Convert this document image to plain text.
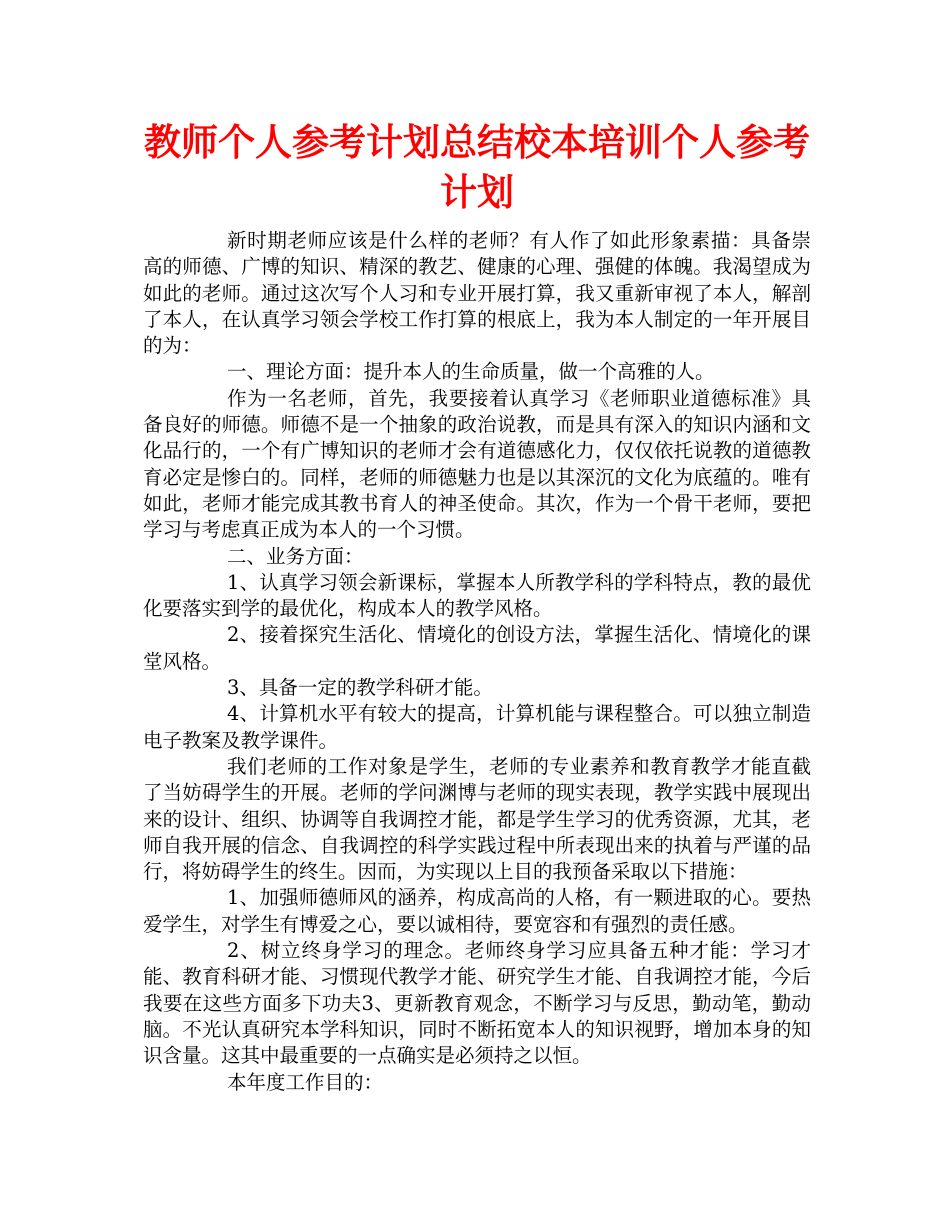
教师个人参考计划总结校本培训个人参考计划

新时期老师应该是什么样的老师？有人作了如此形象素描：具备崇高的师德、广博的知识、精深的教艺、健康的心理、强健的体魄。我渴望成为如此的老师。通过这次写个人习和专业开展打算，我又重新审视了本人，解剖了本人，在认真学习领会学校工作打算的根底上，我为本人制定的一年开展目的为：

一、理论方面：提升本人的生命质量，做一个高雅的人。

作为一名老师，首先，我要接着认真学习《老师职业道德标准》具备良好的师德。师德不是一个抽象的政治说教，而是具有深入的知识内涵和文化品行的，一个有广博知识的老师才会有道德感化力，仅仅依托说教的道德教育必定是惨白的。同样，老师的师德魅力也是以其深沉的文化为底蕴的。唯有如此，老师才能完成其教书育人的神圣使命。其次，作为一个骨干老师，要把学习与考虑真正成为本人的一个习惯。

二、业务方面：

1、认真学习领会新课标，掌握本人所教学科的学科特点，教的最优化要落实到学的最优化，构成本人的教学风格。

2、接着探究生活化、情境化的创设方法，掌握生活化、情境化的课堂风格。

3、具备一定的教学科研才能。

4、计算机水平有较大的提高，计算机能与课程整合。可以独立制造电子教案及教学课件。

我们老师的工作对象是学生，老师的专业素养和教育教学才能直截了当妨碍学生的开展。老师的学问渊博与老师的现实表现，教学实践中展现出来的设计、组织、协调等自我调控才能，都是学生学习的优秀资源，尤其，老师自我开展的信念、自我调控的科学实践过程中所表现出来的执着与严谨的品行，将妨碍学生的终生。因而，为实现以上目的我预备采取以下措施：

1、加强师德师风的涵养，构成高尚的人格，有一颗进取的心。要热爱学生，对学生有博爱之心，要以诚相待，要宽容和有强烈的责任感。

2、树立终身学习的理念。老师终身学习应具备五种才能：学习才能、教育科研才能、习惯现代教学才能、研究学生才能、自我调控才能，今后我要在这些方面多下功夫3、更新教育观念，不断学习与反思，勤动笔，勤动脑。不光认真研究本学科知识，同时不断拓宽本人的知识视野，增加本身的知识含量。这其中最重要的一点确实是必须持之以恒。

本年度工作目的：
